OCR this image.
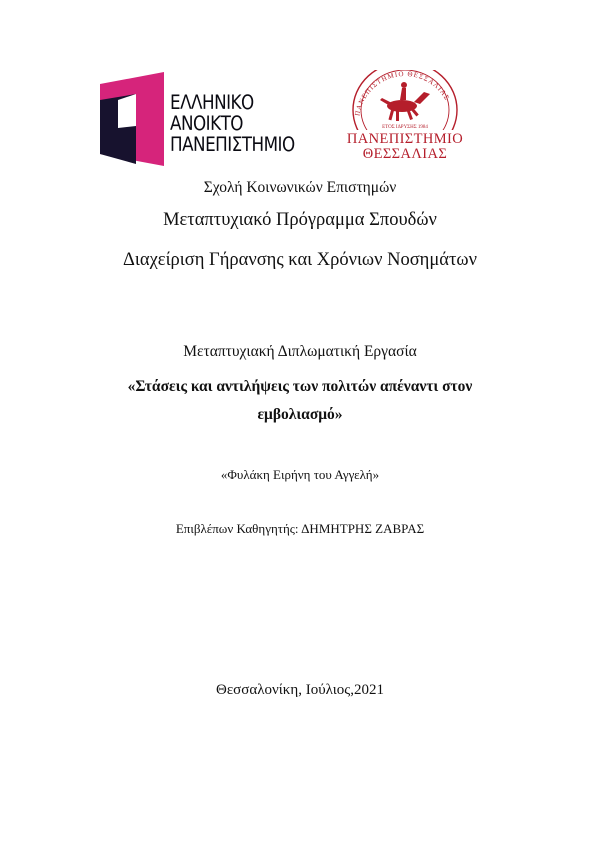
ΕΛΛΗΝΙΚΟ
ΑΝΟΙΚΤΟ
ΠΑΝΕΠΙΣΤΗΜΙΟ
ΠΑΝΕΠΙΣΤΗΜΙΟ ΘΕΣΣΑΛΙΑΣ
ΕΤΟΣ ΙΔΡΥΣΗΣ 1984
ΠΑΝΕΠΙΣΤΗΜΙΟ
ΘΕΣΣΑΛΙΑΣ
Σχολή Κοινωνικών Επιστημών
Μεταπτυχιακό Πρόγραμμα Σπουδών
Διαχείριση Γήρανσης και Χρόνιων Νοσημάτων
Μεταπτυχιακή Διπλωματική Εργασία
«Στάσεις και αντιλήψεις των πολιτών απέναντι στον
εμβολιασμό»
«Φυλάκη Ειρήνη του Αγγελή»
Επιβλέπων Καθηγητής: ΔΗΜΗΤΡΗΣ ΖΑΒΡΑΣ
Θεσσαλονίκη, Ιούλιος,2021
